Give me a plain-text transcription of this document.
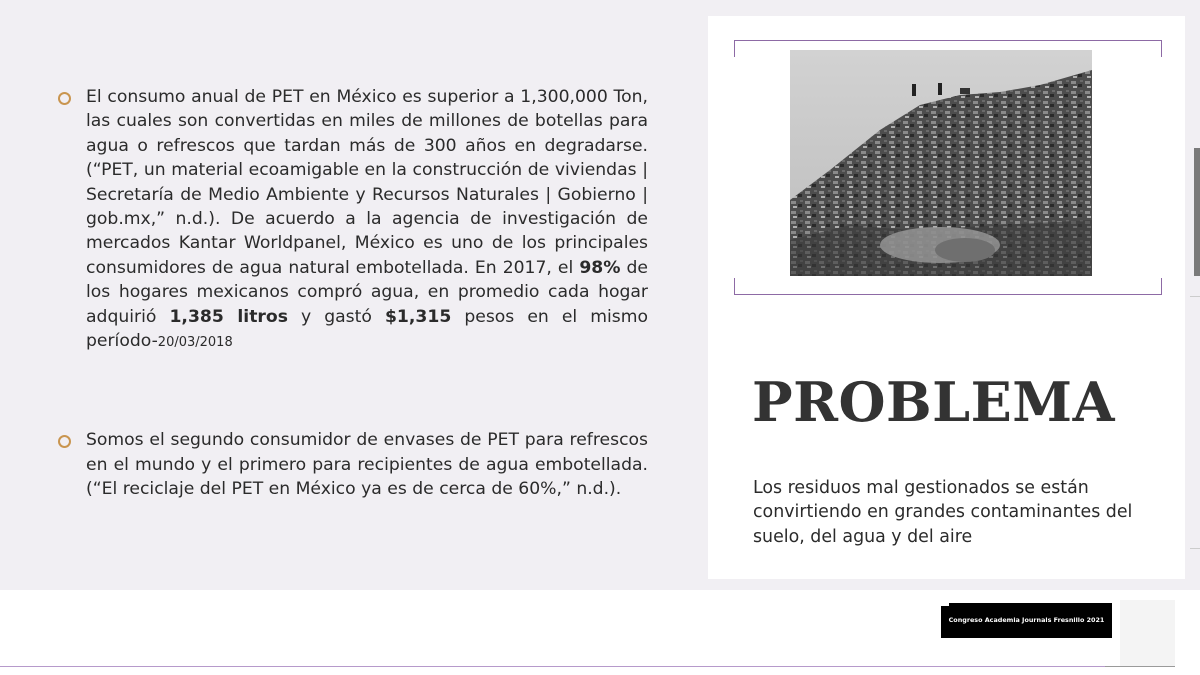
El consumo anual de PET en México es superior a 1,300,000 Ton, las cuales son convertidas en miles de millones de botellas para agua o refrescos que tardan más de 300 años en degradarse. (“PET, un material ecoamigable en la construcción de viviendas | Secretaría de Medio Ambiente y Recursos Naturales | Gobierno | gob.mx,” n.d.). De acuerdo a la agencia de investigación de mercados Kantar Worldpanel, México es uno de los principales consumidores de agua natural embotellada. En 2017, el 98% de los hogares mexicanos compró agua, en promedio cada hogar adquirió 1,385 litros y gastó $1,315 pesos en el mismo período-20/03/2018

Somos el segundo consumidor de envases de PET para refrescos en el mundo y el primero para recipientes de agua embotellada. (“El reciclaje del PET en México ya es de cerca de 60%,” n.d.).

PROBLEMA

Los residuos mal gestionados se están convirtiendo en grandes contaminantes del suelo, del agua y del aire

Congreso Academia Journals Fresnillo 2021
